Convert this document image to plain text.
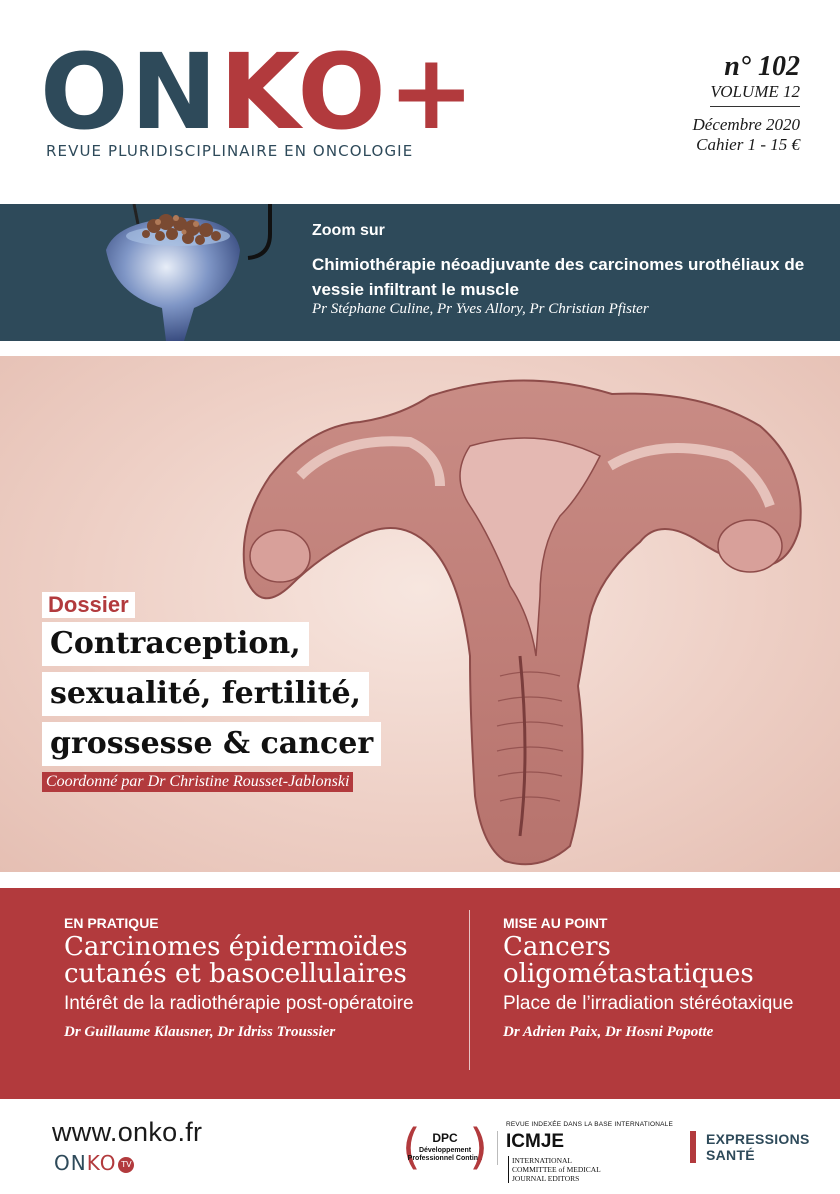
ONKO+
REVUE PLURIDISCIPLINAIRE EN ONCOLOGIE
n° 102
VOLUME 12
Décembre 2020
Cahier 1 - 15 €
Zoom sur
Chimiothérapie néoadjuvante des carcinomes urothéliaux de vessie infiltrant le muscle
Pr Stéphane Culine, Pr Yves Allory, Pr Christian Pfister
Dossier
Contraception,
sexualité, fertilité,
grossesse & cancer
Coordonné par Dr Christine Rousset-Jablonski
EN PRATIQUE
Carcinomes épidermoïdes cutanés et basocellulaires
Intérêt de la radiothérapie post-opératoire
Dr Guillaume Klausner, Dr Idriss Troussier
MISE AU POINT
Cancers oligométastatiques
Place de l’irradiation stéréotaxique
Dr Adrien Paix, Dr Hosni Popotte
www.onko.fr
ONKO TV	( DPC
Développement Professionnel Continu
)	REVUE INDEXÉE DANS LA BASE INTERNATIONALE
ICMJE INTERNATIONAL COMMITTEE of MEDICAL JOURNAL EDITORS
EXPRESSIONS
SANTÉ
